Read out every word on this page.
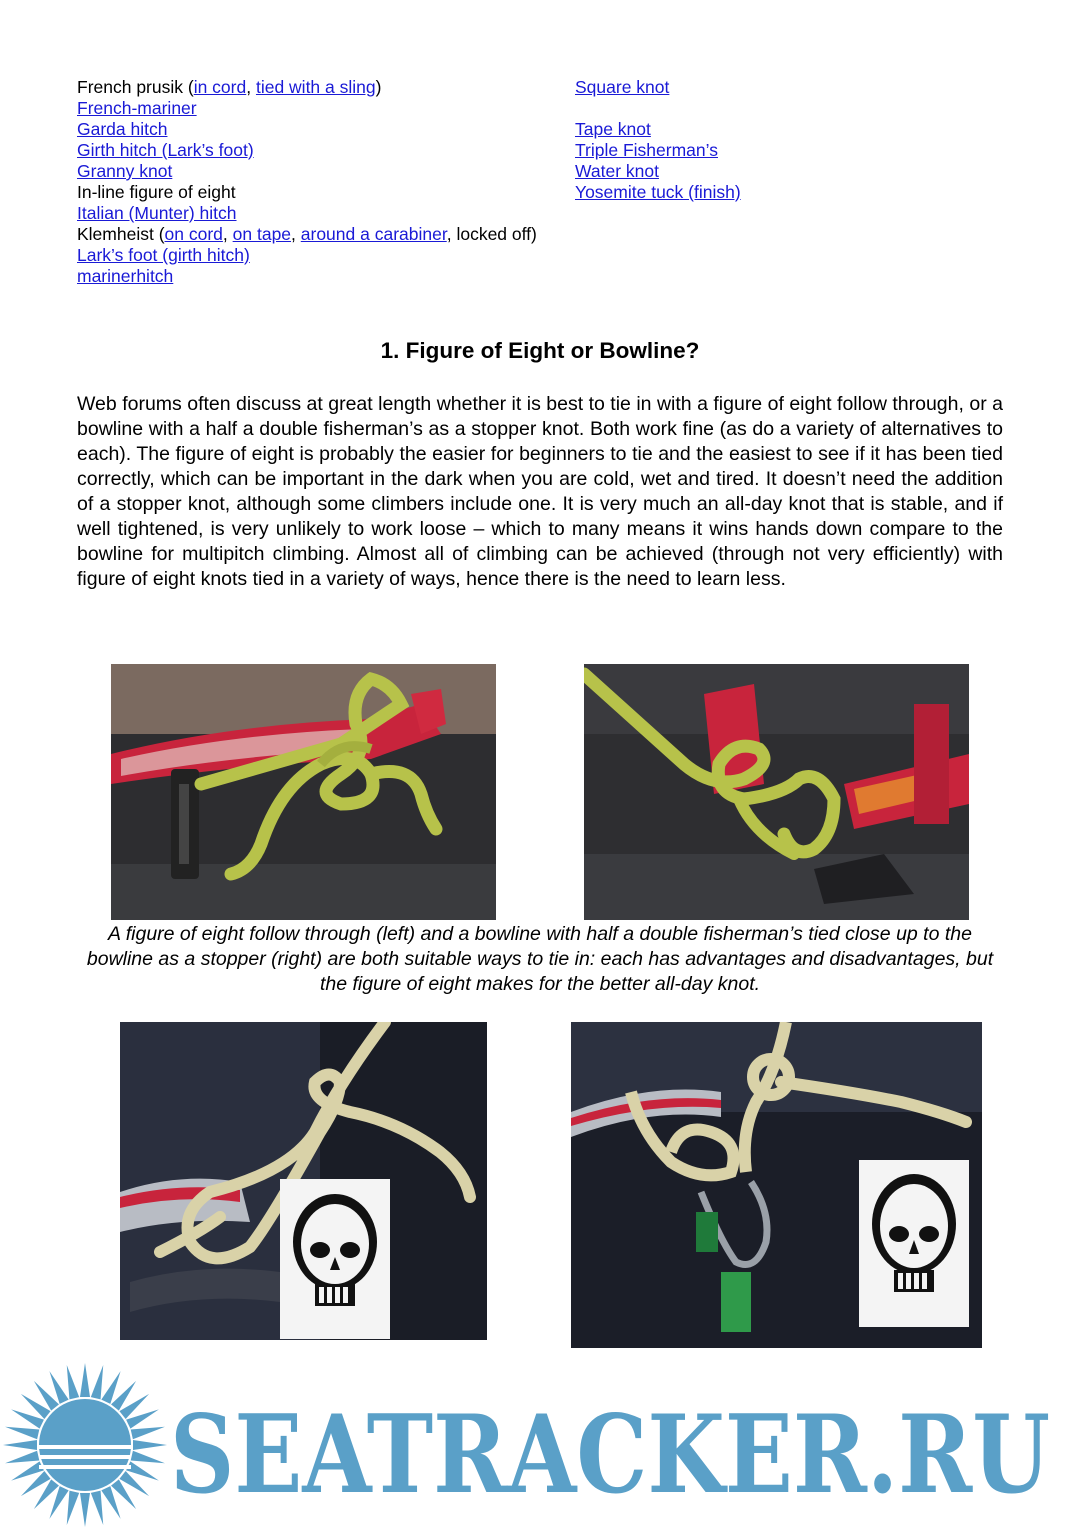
French prusik (in cord, tied with a sling)
French-mariner
Garda hitch
Girth hitch (Lark’s foot)
Granny knot
In-line figure of eight
Italian (Munter) hitch
Klemheist (on cord, on tape, around a carabiner, locked off)
Lark’s foot (girth hitch)
marinerhitch
Square knot
Tape knot
Triple Fisherman’s
Water knot
Yosemite tuck (finish)
1. Figure of Eight or Bowline?

Web forums often discuss at great length whether it is best to tie in with a figure of eight follow through, or a bowline with a half a double fisherman’s as a stopper knot. Both work fine (as do a variety of alternatives to each). The figure of eight is probably the easier for beginners to tie and the easiest to see if it has been tied correctly, which can be important in the dark when you are cold, wet and tired. It doesn’t need the addition of a stopper knot, although some climbers include one. It is very much an all-day knot that is stable, and if well tightened, is very unlikely to work loose – which to many means it wins hands down compare to the bowline for multipitch climbing. Almost all of climbing can be achieved (through not very efficiently) with figure of eight knots tied in a variety of ways, hence there is the need to learn less.

A figure of eight follow through (left) and a bowline with half a double fisherman’s tied close up to the bowline as a stopper (right) are both suitable ways to tie in: each has advantages and disadvantages, but the figure of eight makes for the better all-day knot.

SEATRACKER.RU
